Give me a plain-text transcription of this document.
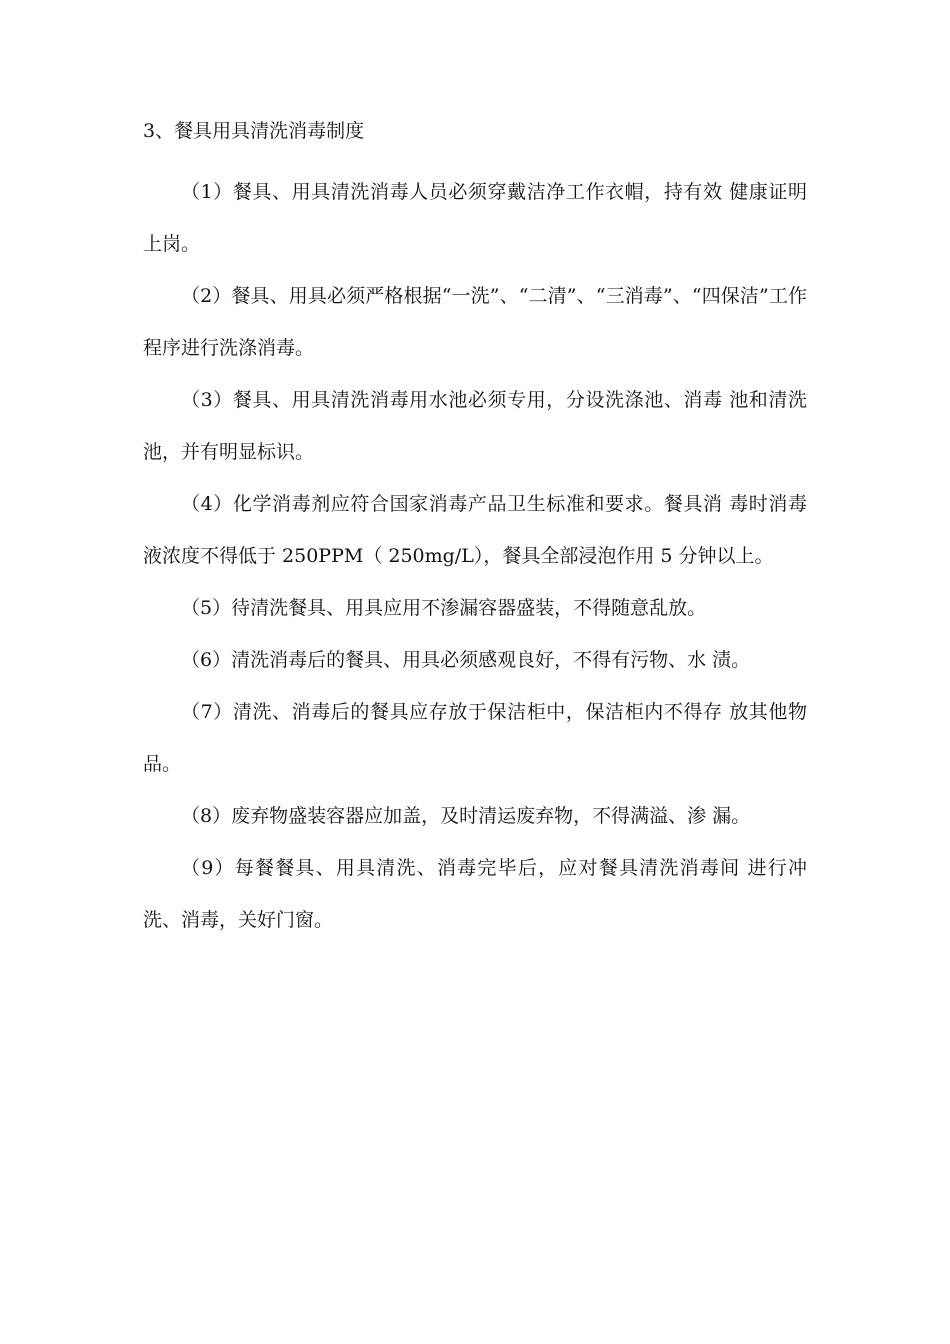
3、餐具用具清洗消毒制度

（1）餐具、用具清洗消毒人员必须穿戴洁净工作衣帽，持有效 健康证明上岗。

（2）餐具、用具必须严格根据“一洗”、“二清”、“三消毒”、“四保洁”工作程序进行洗涤消毒。

（3）餐具、用具清洗消毒用水池必须专用，分设洗涤池、消毒 池和清洗池，并有明显标识。

（4）化学消毒剂应符合国家消毒产品卫生标准和要求。餐具消 毒时消毒液浓度不得低于 250PPM（ 250mg/L），餐具全部浸泡作用 5 分钟以上。

（5）待清洗餐具、用具应用不渗漏容器盛装，不得随意乱放。

（6）清洗消毒后的餐具、用具必须感观良好，不得有污物、水 渍。

（7）清洗、消毒后的餐具应存放于保洁柜中，保洁柜内不得存 放其他物品。

（8）废弃物盛装容器应加盖，及时清运废弃物，不得满溢、渗 漏。

（9）每餐餐具、用具清洗、消毒完毕后，应对餐具清洗消毒间 进行冲洗、消毒，关好门窗。
